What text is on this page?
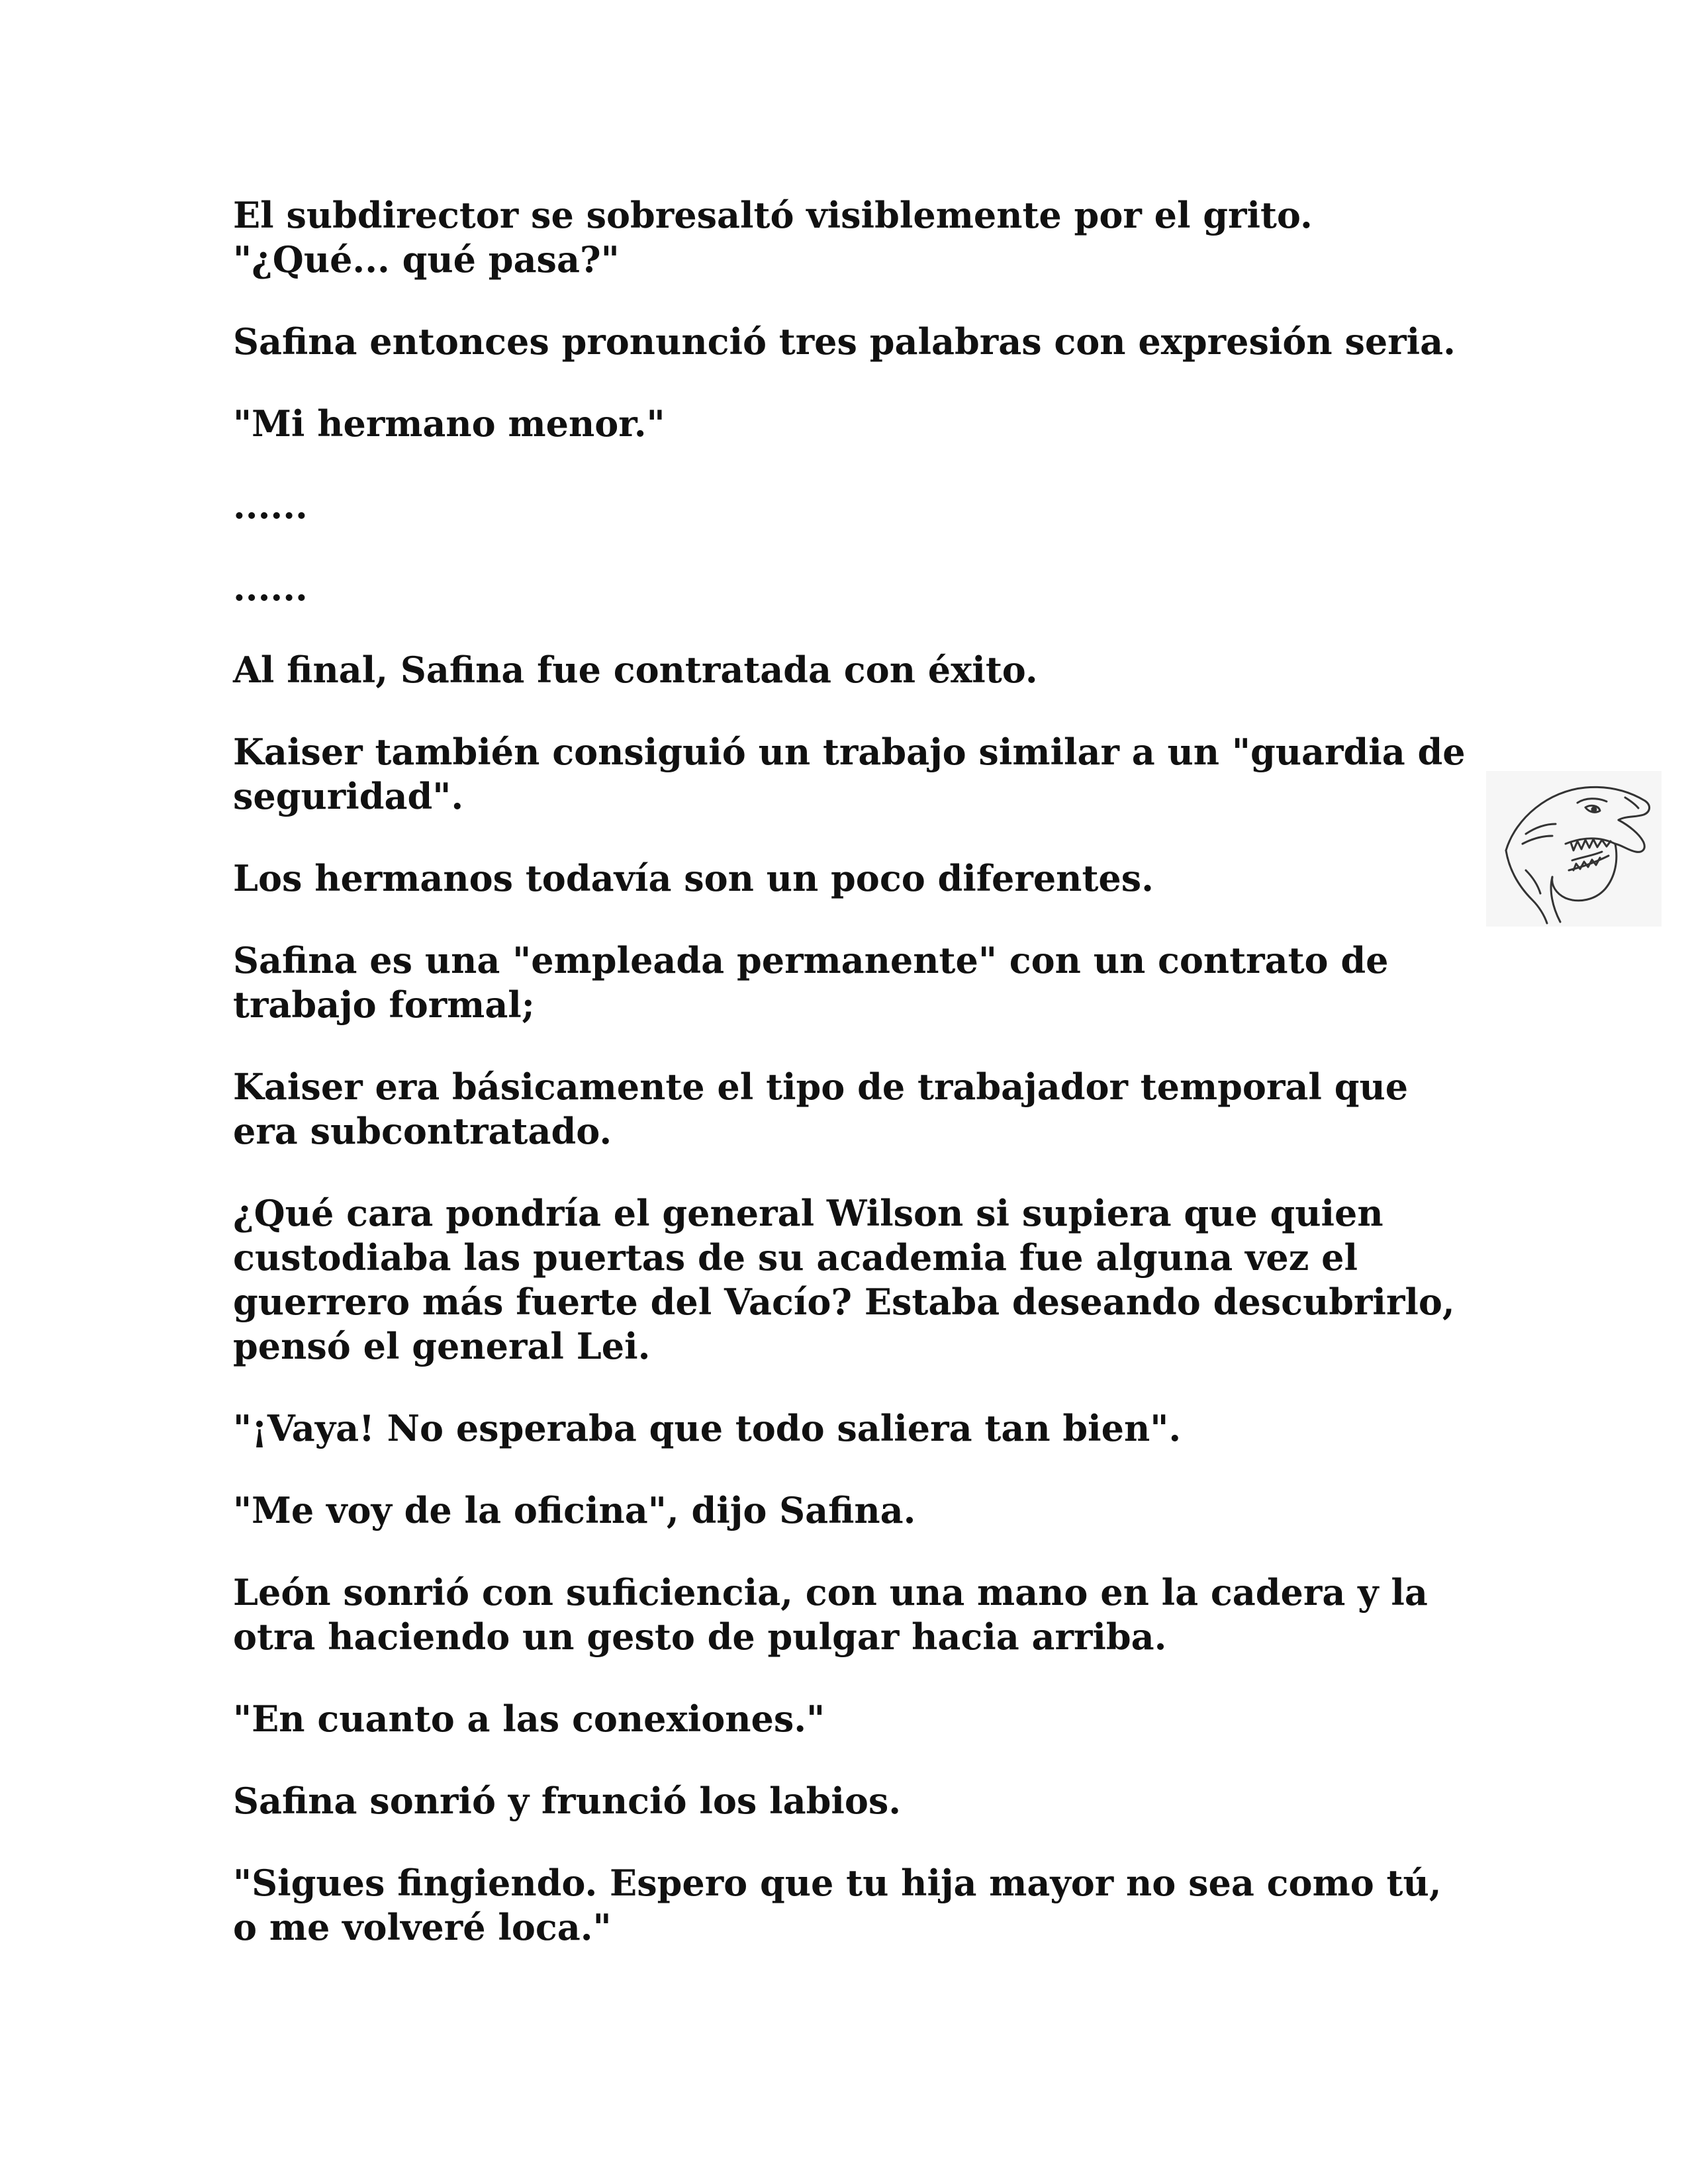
El subdirector se sobresaltó visiblemente por el grito. "¿Qué... qué pasa?"

Safina entonces pronunció tres palabras con expresión seria.

"Mi hermano menor."

......

......

Al final, Safina fue contratada con éxito.

Kaiser también consiguió un trabajo similar a un "guardia de seguridad".

Los hermanos todavía son un poco diferentes.

Safina es una "empleada permanente" con un contrato de trabajo formal;

Kaiser era básicamente el tipo de trabajador temporal que era subcontratado.

¿Qué cara pondría el general Wilson si supiera que quien custodiaba las puertas de su academia fue alguna vez el guerrero más fuerte del Vacío? Estaba deseando descubrirlo, pensó el general Lei.

"¡Vaya! No esperaba que todo saliera tan bien".

"Me voy de la oficina", dijo Safina.

León sonrió con suficiencia, con una mano en la cadera y la otra haciendo un gesto de pulgar hacia arriba.

"En cuanto a las conexiones."

Safina sonrió y frunció los labios.

"Sigues fingiendo. Espero que tu hija mayor no sea como tú, o me volveré loca."
